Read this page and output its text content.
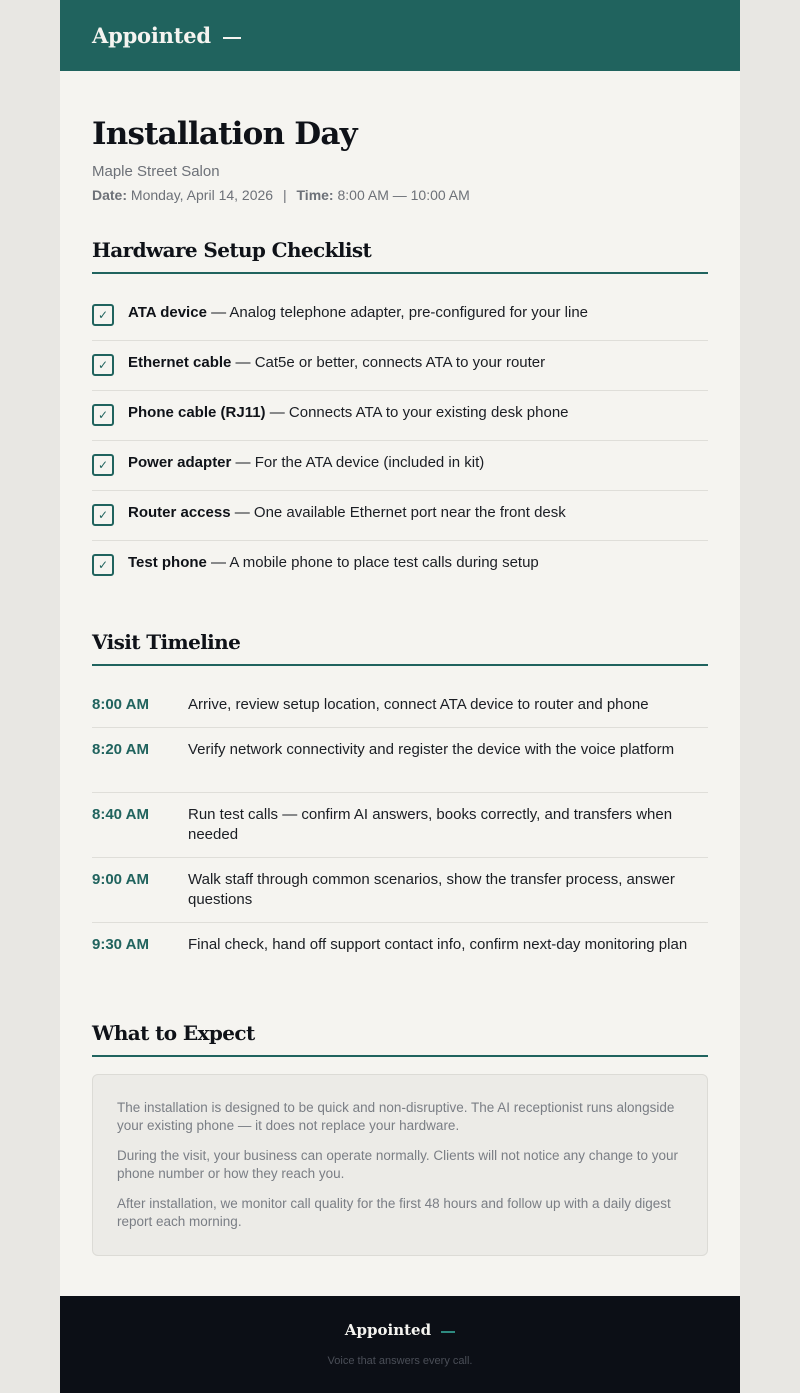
Appointed
Installation Day
Maple Street Salon
Date: Monday, April 14, 2026 | Time: 8:00 AM — 10:00 AM
Hardware Setup Checklist
✓	ATA device — Analog telephone adapter, pre-configured for your line
✓	Ethernet cable — Cat5e or better, connects ATA to your router
✓	Phone cable (RJ11) — Connects ATA to your existing desk phone
✓	Power adapter — For the ATA device (included in kit)
✓	Router access — One available Ethernet port near the front desk
✓	Test phone — A mobile phone to place test calls during setup
Visit Timeline
8:00 AM	Arrive, review setup location, connect ATA device to router and phone
8:20 AM	Verify network connectivity and register the device with the voice platform
8:40 AM	Run test calls — confirm AI answers, books correctly, and transfers when needed
9:00 AM	Walk staff through common scenarios, show the transfer process, answer questions
9:30 AM	Final check, hand off support contact info, confirm next-day monitoring plan
What to Expect

The installation is designed to be quick and non-disruptive. The AI receptionist runs alongside your existing phone — it does not replace your hardware.

During the visit, your business can operate normally. Clients will not notice any change to your phone number or how they reach you.

After installation, we monitor call quality for the first 48 hours and follow up with a daily digest report each morning.

Appointed
Voice that answers every call.
